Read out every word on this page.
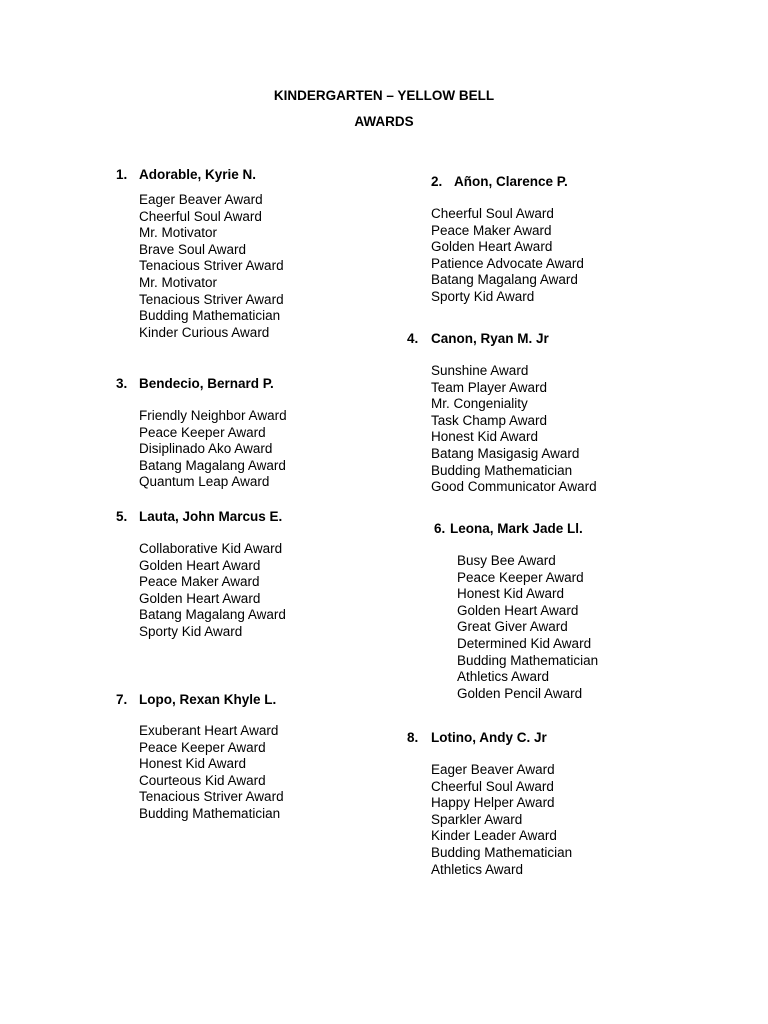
KINDERGARTEN – YELLOW BELL
AWARDS
1. Adorable, Kyrie N.
Eager Beaver Award
Cheerful Soul Award
Mr. Motivator
Brave Soul Award
Tenacious Striver Award
Mr. Motivator
Tenacious Striver Award
Budding Mathematician
Kinder Curious Award
2. Añon, Clarence P.
Cheerful Soul Award
Peace Maker Award
Golden Heart Award
Patience Advocate Award
Batang Magalang Award
Sporty Kid Award
3. Bendecio, Bernard P.
Friendly Neighbor Award
Peace Keeper Award
Disiplinado Ako Award
Batang Magalang Award
Quantum Leap Award
4. Canon, Ryan M. Jr
Sunshine Award
Team Player Award
Mr. Congeniality
Task Champ Award
Honest Kid Award
Batang Masigasig Award
Budding Mathematician
Good Communicator Award
5. Lauta, John Marcus E.
Collaborative Kid Award
Golden Heart Award
Peace Maker Award
Golden Heart Award
Batang Magalang Award
Sporty Kid Award
6. Leona, Mark Jade Ll.
Busy Bee Award
Peace Keeper Award
Honest Kid Award
Golden Heart Award
Great Giver Award
Determined Kid Award
Budding Mathematician
Athletics Award
Golden Pencil Award
7. Lopo, Rexan Khyle L.
Exuberant Heart Award
Peace Keeper Award
Honest Kid Award
Courteous Kid Award
Tenacious Striver Award
Budding Mathematician
8. Lotino, Andy C. Jr
Eager Beaver Award
Cheerful Soul Award
Happy Helper Award
Sparkler Award
Kinder Leader Award
Budding Mathematician
Athletics Award
